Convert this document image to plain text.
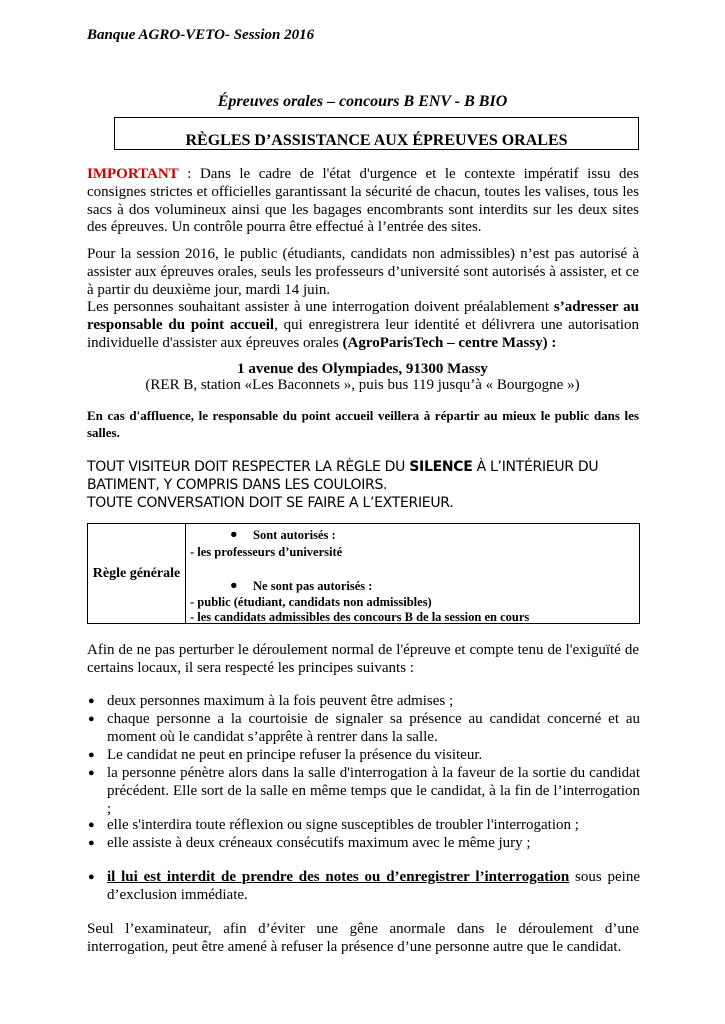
Banque AGRO-VETO- Session 2016
Épreuves orales – concours B ENV - B BIO
RÈGLES D’ASSISTANCE AUX ÉPREUVES ORALES
IMPORTANT : Dans le cadre de l'état d'urgence et le contexte impératif issu des consignes strictes et officielles garantissant la sécurité de chacun, toutes les valises, tous les sacs à dos volumineux ainsi que les bagages encombrants sont interdits sur les deux sites des épreuves. Un contrôle pourra être effectué à l’entrée des sites.
Pour la session 2016, le public (étudiants, candidats non admissibles) n’est pas autorisé à assister aux épreuves orales, seuls les professeurs d’université sont autorisés à assister, et ce à partir du deuxième jour, mardi 14 juin.
Les personnes souhaitant assister à une interrogation doivent préalablement s’adresser au responsable du point accueil, qui enregistrera leur identité et délivrera une autorisation individuelle d'assister aux épreuves orales (AgroParisTech – centre Massy) :
1 avenue des Olympiades, 91300 Massy
(RER B, station «Les Baconnets », puis bus 119 jusqu’à « Bourgogne »)
En cas d'affluence, le responsable du point accueil veillera à répartir au mieux le public dans les salles.
TOUT VISITEUR DOIT RESPECTER LA RÈGLE DU SILENCE À L’INTÉRIEUR DU
BATIMENT, Y COMPRIS DANS LES COULOIRS.
TOUTE CONVERSATION DOIT SE FAIRE A L’EXTERIEUR.
Règle générale	
● Sont autorisés :
- les professeurs d’université
● Ne sont pas autorisés :
- public (étudiant, candidats non admissibles)
- les candidats admissibles des concours B de la session en cours
Afin de ne pas perturber le déroulement normal de l'épreuve et compte tenu de l'exiguïté de certains locaux, il sera respecté les principes suivants :
● deux personnes maximum à la fois peuvent être admises ;
● chaque personne a la courtoisie de signaler sa présence au candidat concerné et au moment où le candidat s’apprête à rentrer dans la salle.
● Le candidat ne peut en principe refuser la présence du visiteur.
● la personne pénètre alors dans la salle d'interrogation à la faveur de la sortie du candidat précédent. Elle sort de la salle en même temps que le candidat, à la fin de l’interrogation ;
● elle s'interdira toute réflexion ou signe susceptibles de troubler l'interrogation ;
● elle assiste à deux créneaux consécutifs maximum avec le même jury ;
● il lui est interdit de prendre des notes ou d’enregistrer l’interrogation sous peine d’exclusion immédiate.
Seul l’examinateur, afin d’éviter une gêne anormale dans le déroulement d’une interrogation, peut être amené à refuser la présence d’une personne autre que le candidat.
